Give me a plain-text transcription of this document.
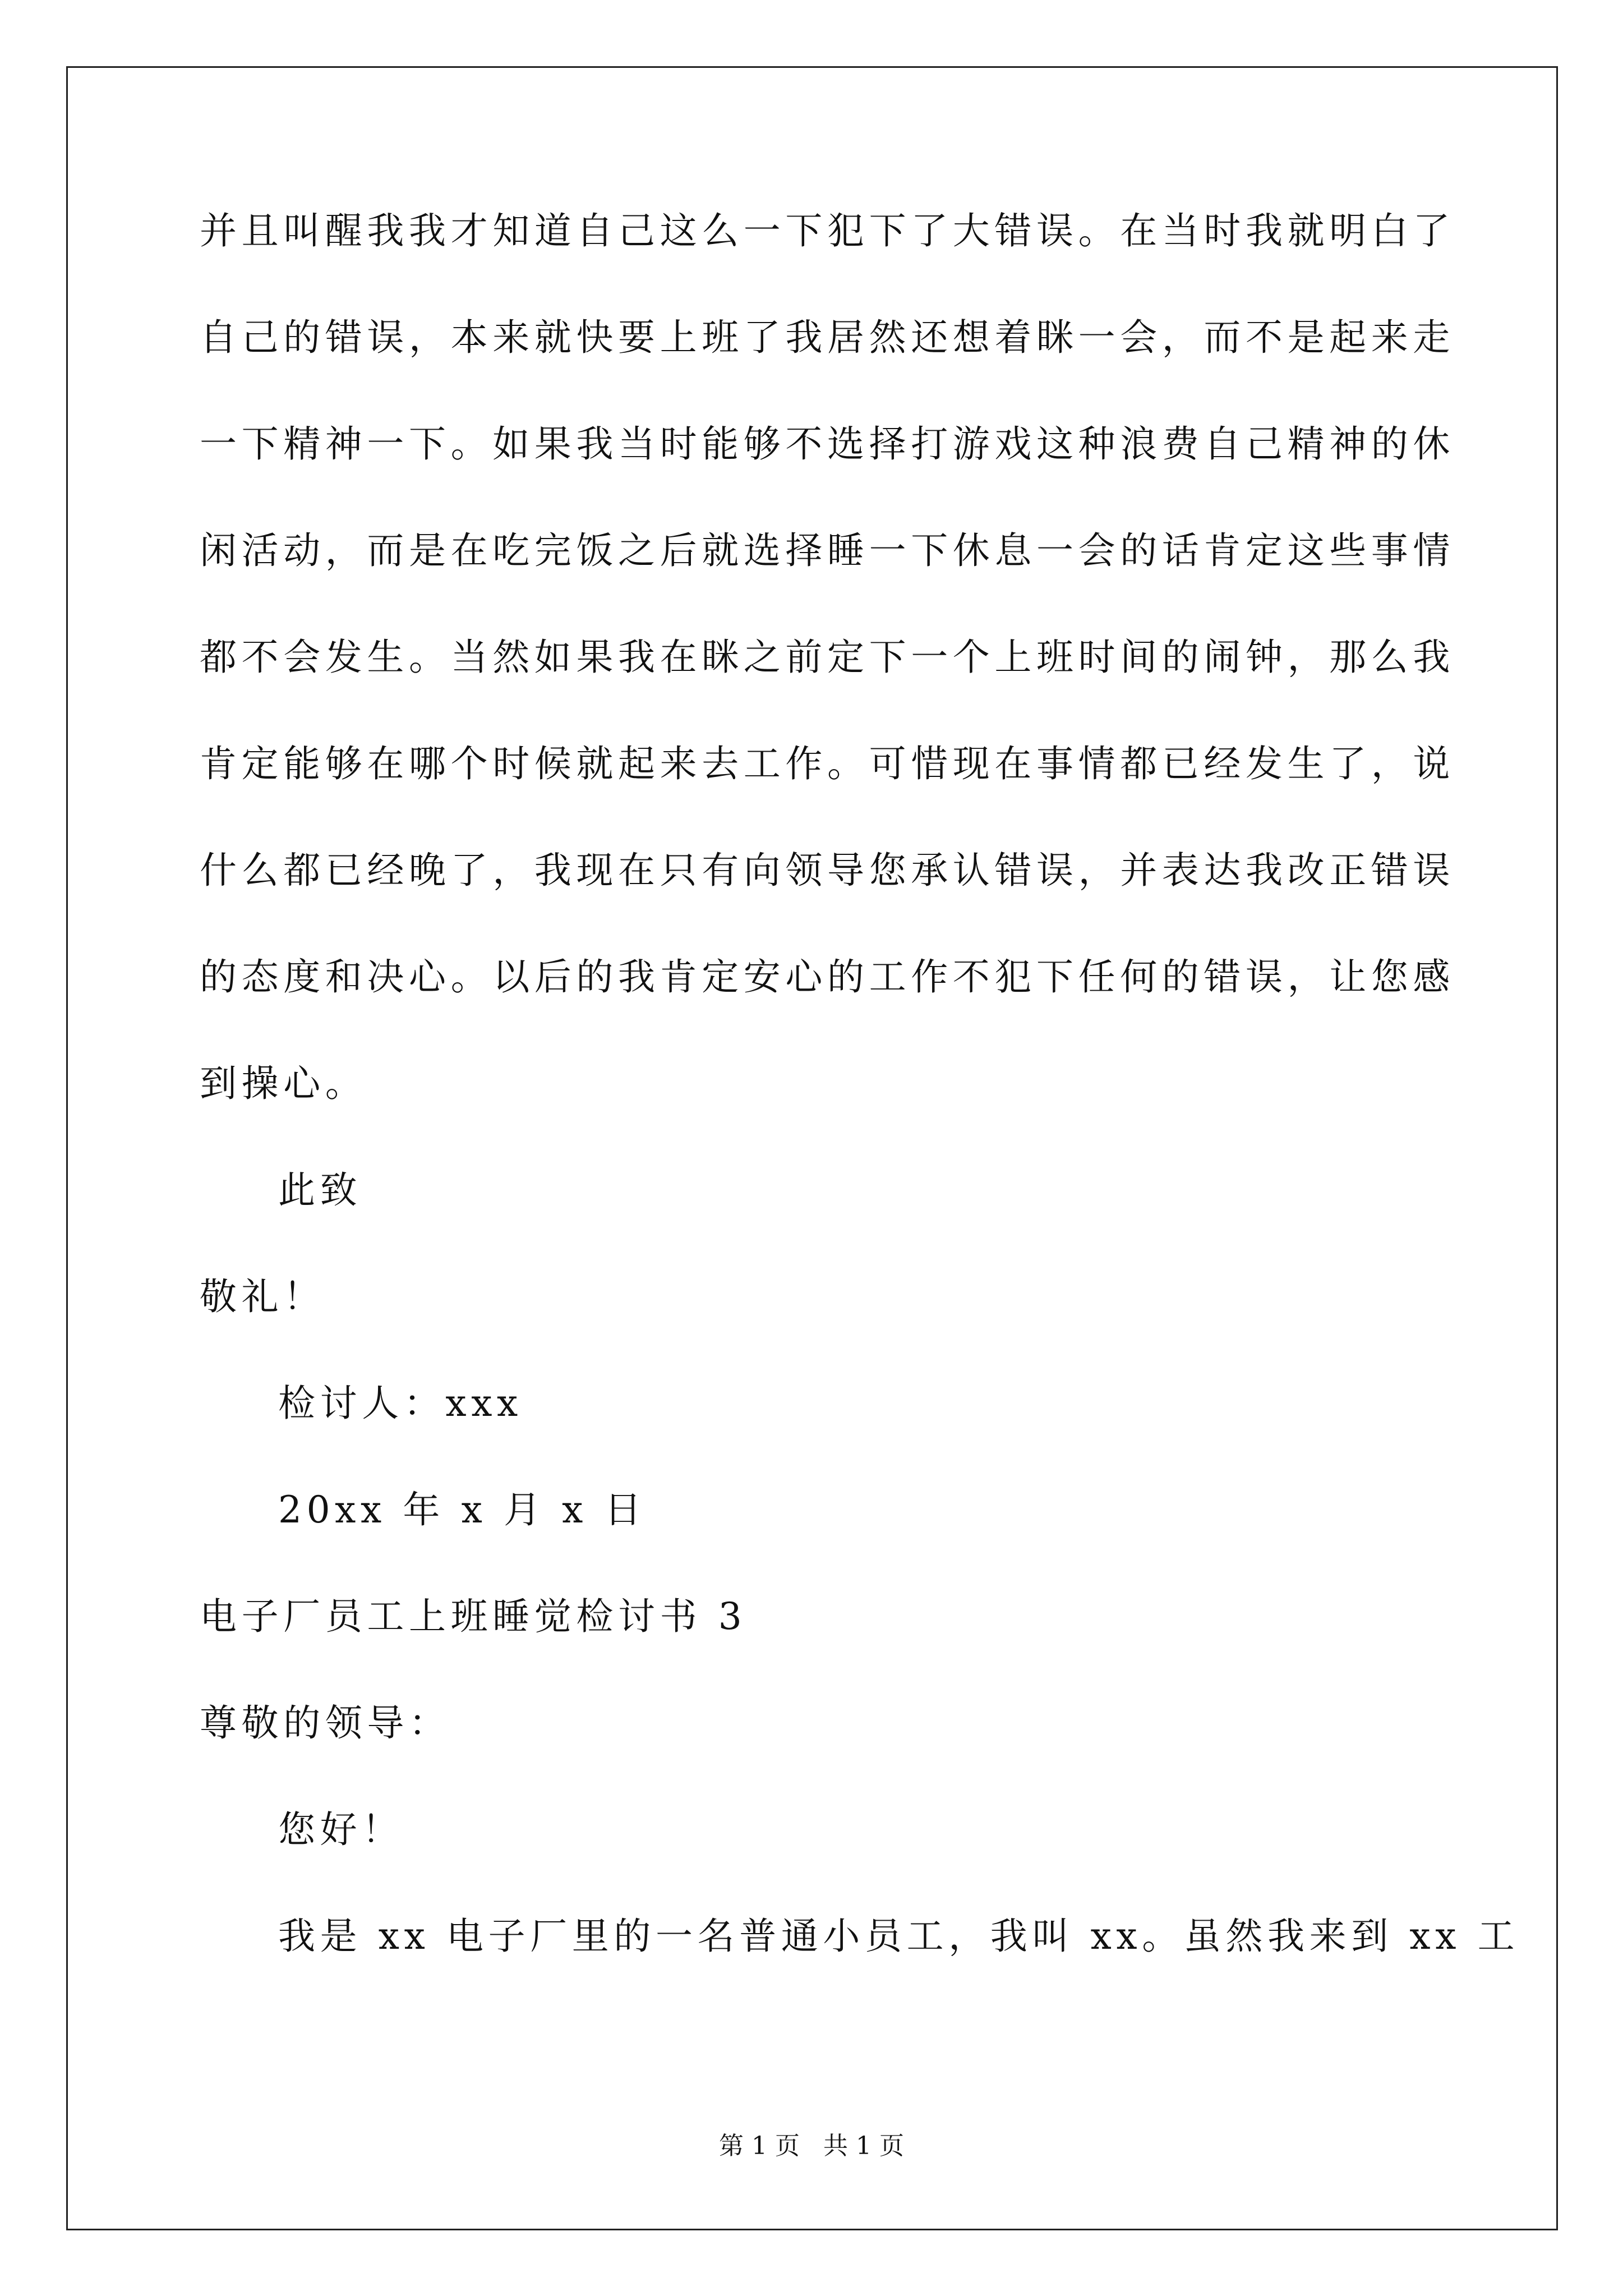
并且叫醒我我才知道自己这么一下犯下了大错误。在当时我就明白了
自己的错误，本来就快要上班了我居然还想着眯一会，而不是起来走
一下精神一下。如果我当时能够不选择打游戏这种浪费自己精神的休
闲活动，而是在吃完饭之后就选择睡一下休息一会的话肯定这些事情
都不会发生。当然如果我在眯之前定下一个上班时间的闹钟，那么我
肯定能够在哪个时候就起来去工作。可惜现在事情都已经发生了，说
什么都已经晚了，我现在只有向领导您承认错误，并表达我改正错误
的态度和决心。以后的我肯定安心的工作不犯下任何的错误，让您感
到操心。
此致
敬礼！
检讨人：xxx
20xx 年 x 月 x 日
电子厂员工上班睡觉检讨书 3
尊敬的领导：
您好！
我是 xx 电子厂里的一名普通小员工，我叫 xx。虽然我来到 xx 工
第 1 页 共 1 页
